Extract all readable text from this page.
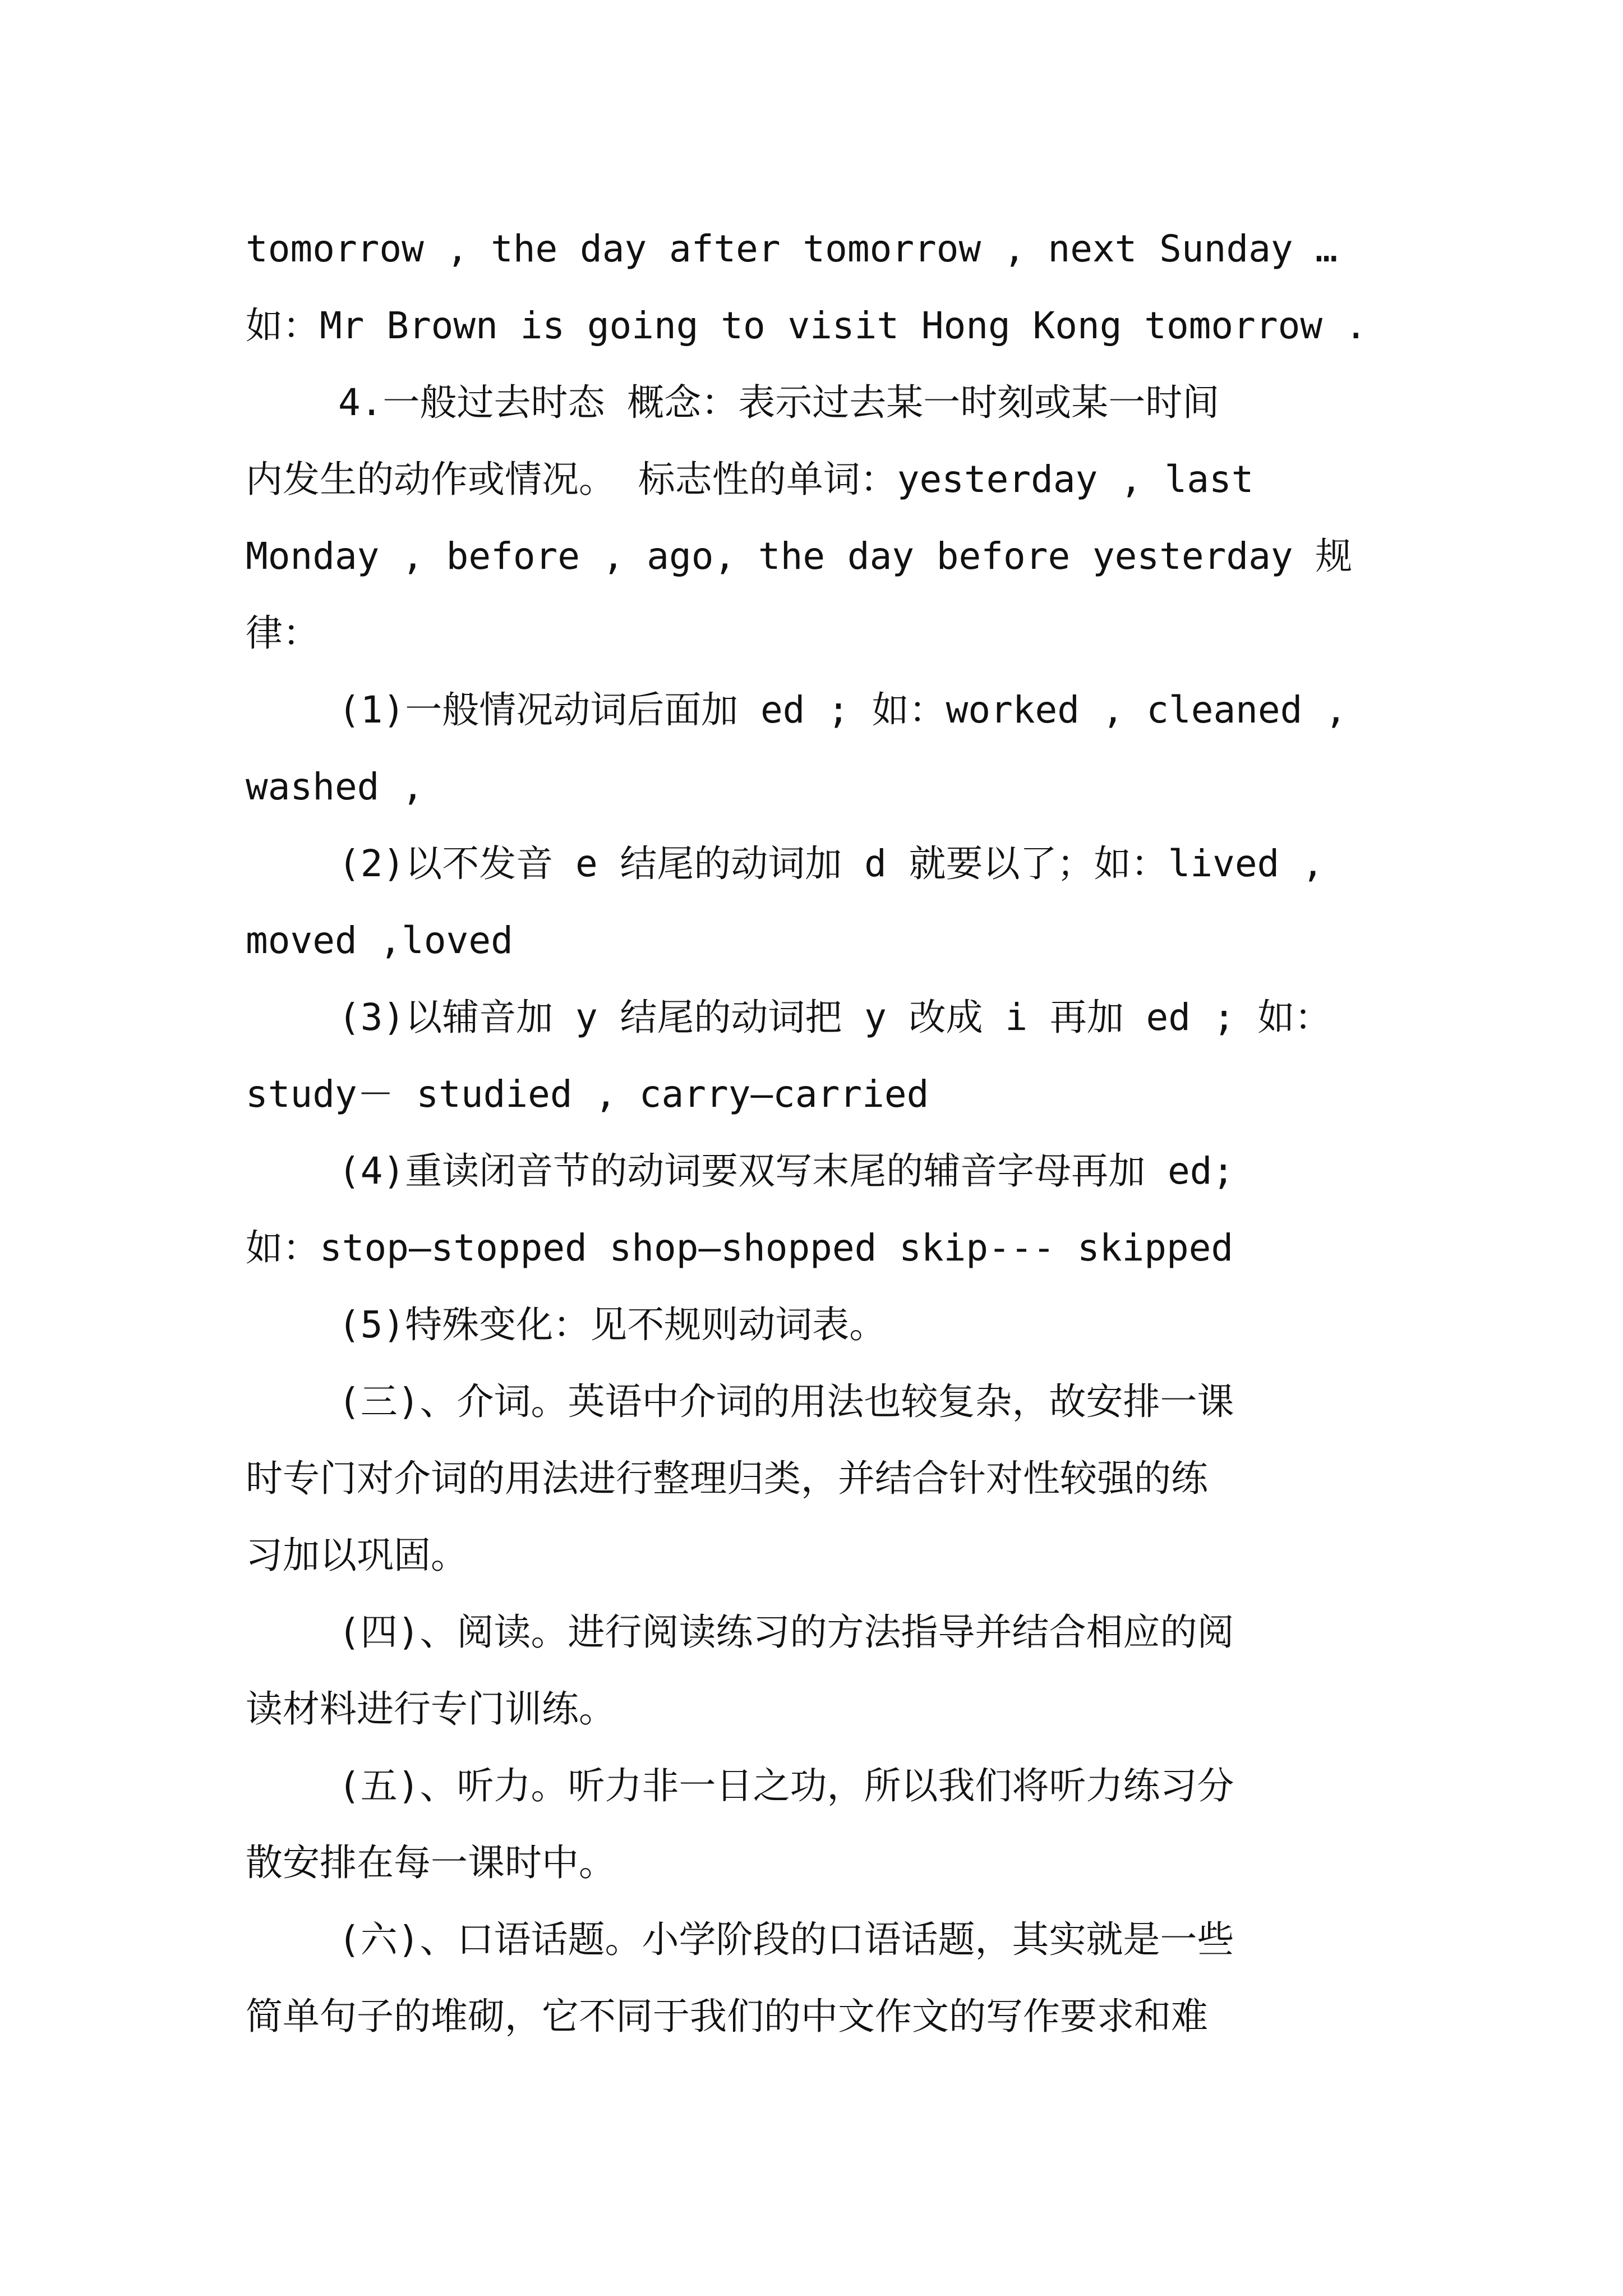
tomorrow , the day after tomorrow , next Sunday …
如：Mr Brown is going to visit Hong Kong tomorrow .
4.一般过去时态 概念：表示过去某一时刻或某一时间
内发生的动作或情况。 标志性的单词：yesterday , last
Monday , before , ago, the day before yesterday 规
律：
(1)一般情况动词后面加 ed ; 如：worked , cleaned ,
washed ,
(2)以不发音 e 结尾的动词加 d 就要以了；如：lived ,
moved ,loved
(3)以辅音加 y 结尾的动词把 y 改成 i 再加 ed ; 如：
study－ studied , carry—carried
(4)重读闭音节的动词要双写末尾的辅音字母再加 ed;
如：stop—stopped shop—shopped skip--- skipped
(5)特殊变化：见不规则动词表。
(三)、介词。英语中介词的用法也较复杂，故安排一课
时专门对介词的用法进行整理归类，并结合针对性较强的练
习加以巩固。
(四)、阅读。进行阅读练习的方法指导并结合相应的阅
读材料进行专门训练。
(五)、听力。听力非一日之功，所以我们将听力练习分
散安排在每一课时中。
(六)、口语话题。小学阶段的口语话题，其实就是一些
简单句子的堆砌，它不同于我们的中文作文的写作要求和难
